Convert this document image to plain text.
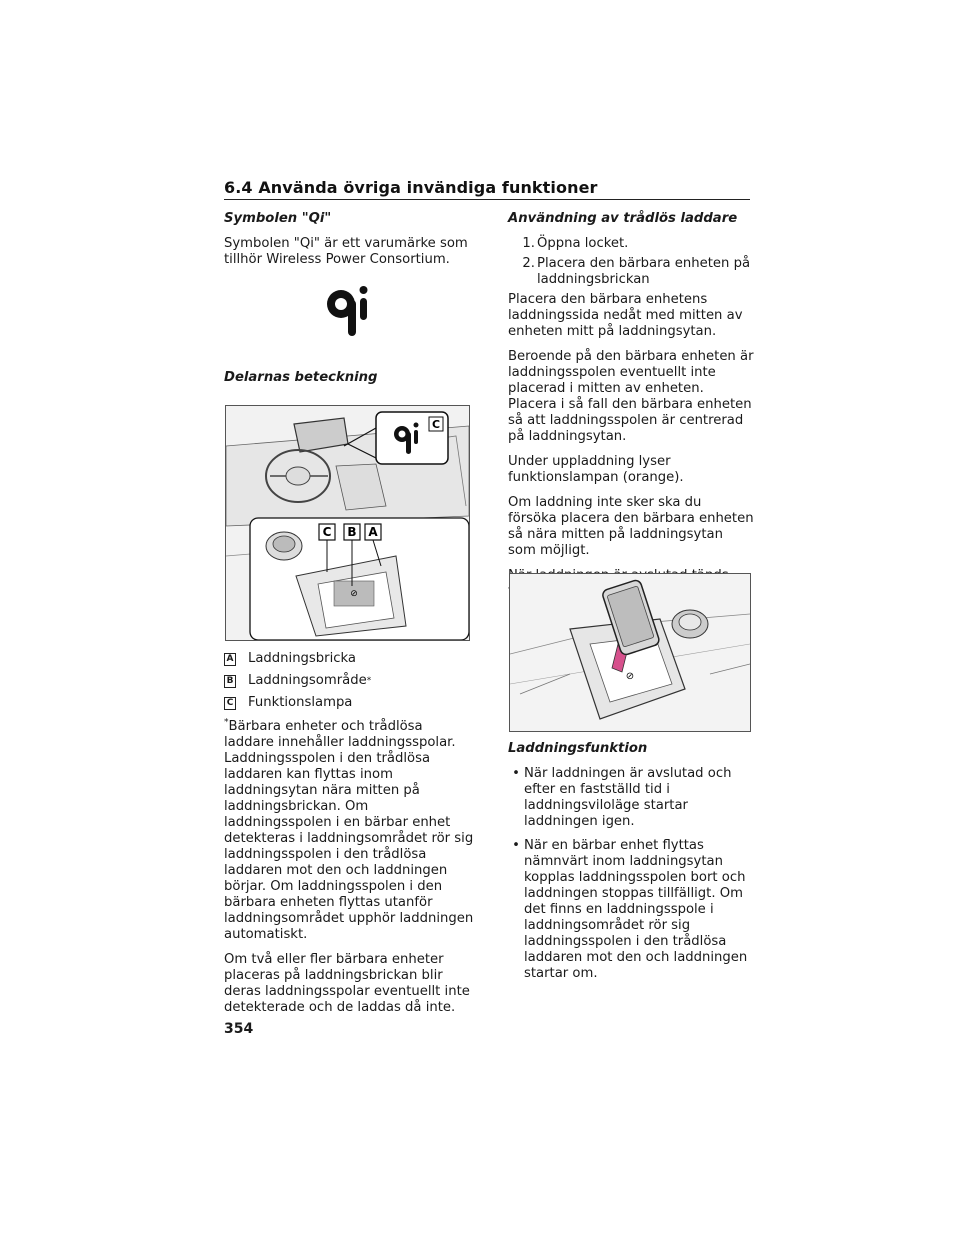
6.4 Använda övriga invändiga funktioner
Symbolen "Qi"

Symbolen "Qi" är ett varumärke som tillhör Wireless Power Consortium.

Delarnas beteckning
C
⊘
C B A
A Laddningsbricka
B Laddningsområde *
C Funktionslampa

*Bärbara enheter och trådlösa laddare innehåller laddningsspolar. Laddningsspolen i den trådlösa laddaren kan flyttas inom laddningsytan nära mitten på laddningsbrickan. Om laddningsspolen i en bärbar enhet detekteras i laddningsområdet rör sig laddningsspolen i den trådlösa laddaren mot den och laddningen börjar. Om laddningsspolen i den bärbara enheten flyttas utanför laddningsområdet upphör laddningen automatiskt.

Om två eller fler bärbara enheter placeras på laddningsbrickan blir deras laddningsspolar eventuellt inte detekterade och de laddas då inte.

Användning av trådlös laddare
1. Öppna locket.
2. Placera den bärbara enheten på laddningsbrickan

Placera den bärbara enhetens laddningssida nedåt med mitten av enheten mitt på laddningsytan.

Beroende på den bärbara enheten är laddningsspolen eventuellt inte placerad i mitten av enheten. Placera i så fall den bärbara enheten så att laddningsspolen är centrerad på laddningsytan.

Under uppladdning lyser funktionslampan (orange).

Om laddning inte sker ska du försöka placera den bärbara enheten så nära mitten på laddningsytan som möjligt.

⊘
Laddningsfunktion
• När laddningen är avslutad och efter en fastställd tid i laddningsviloläge startar laddningen igen.
• När en bärbar enhet flyttas nämnvärt inom laddningsytan kopplas laddningsspolen bort och laddningen stoppas tillfälligt. Om det finns en laddningsspole i laddningsområdet rör sig laddningsspolen i den trådlösa laddaren mot den och laddningen startar om.
354
